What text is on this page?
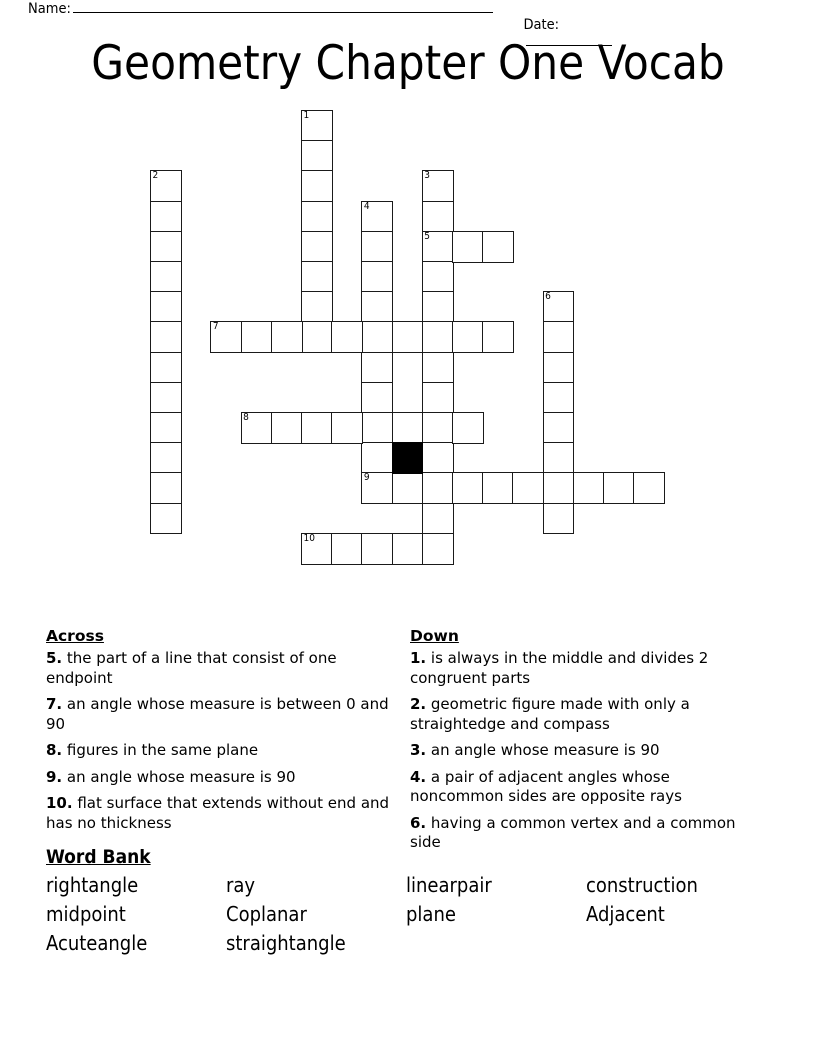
Name:

Date:

Geometry Chapter One Vocab
1
2	3
5
4
6
7
8
9
10
Across
5. the part of a line that consist of one endpoint
7. an angle whose measure is between 0 and 90
8. figures in the same plane
9. an angle whose measure is 90
10. flat surface that extends without end and has no thickness
Down
1. is always in the middle and divides 2 congruent parts
2. geometric figure made with only a straightedge and compass
3. an angle whose measure is 90
4. a pair of adjacent angles whose noncommon sides are opposite rays
6. having a common vertex and a common side
Word Bank
rightangle	ray	linearpair	construction
midpoint	Coplanar	plane	Adjacent
Acuteangle	straightangle
